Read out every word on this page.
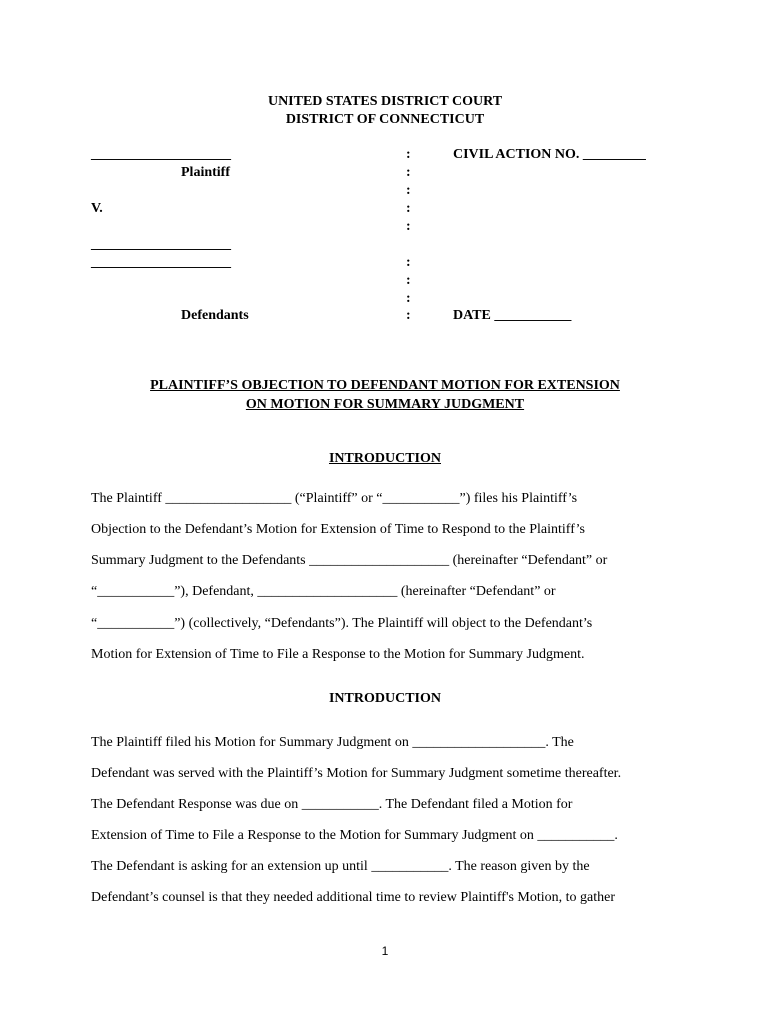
UNITED STATES DISTRICT COURT
DISTRICT OF CONNECTICUT
____________________
Plaintiff
V.
____________________
____________________
Defendants
:
:
:
:
:
:
:
:
:
CIVIL ACTION NO. _________
DATE ___________
PLAINTIFF’S OBJECTION TO DEFENDANT MOTION FOR EXTENSION
ON MOTION FOR SUMMARY JUDGMENT
INTRODUCTION
The Plaintiff __________________ (“Plaintiff” or “___________”) files his Plaintiff’s
Objection to the Defendant’s Motion for Extension of Time to Respond to the Plaintiff’s
Summary Judgment to the Defendants ____________________ (hereinafter “Defendant” or
“___________”), Defendant, ____________________ (hereinafter “Defendant” or
“___________”) (collectively, “Defendants”). The Plaintiff will object to the Defendant’s
Motion for Extension of Time to File a Response to the Motion for Summary Judgment.
INTRODUCTION
The Plaintiff filed his Motion for Summary Judgment on ___________________. The
Defendant was served with the Plaintiff’s Motion for Summary Judgment sometime thereafter.
The Defendant Response was due on ___________. The Defendant filed a Motion for
Extension of Time to File a Response to the Motion for Summary Judgment on ___________.
The Defendant is asking for an extension up until ___________. The reason given by the
Defendant’s counsel is that they needed additional time to review Plaintiff's Motion, to gather
1
